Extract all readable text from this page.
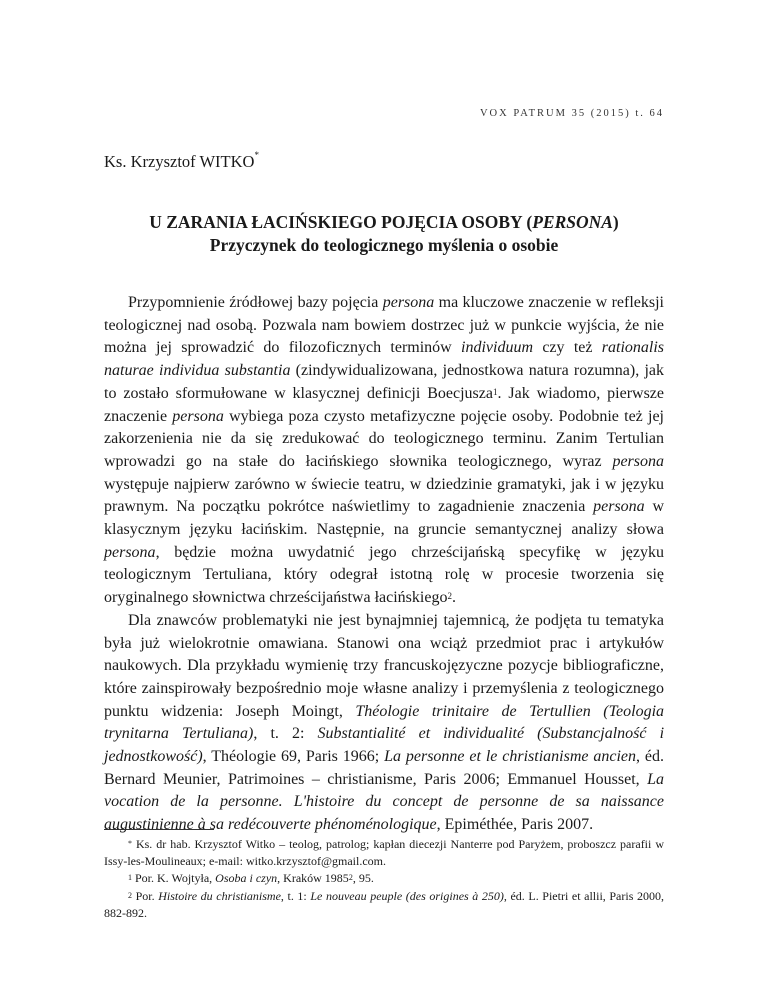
VOX PATRUM 35 (2015) t. 64
Ks. Krzysztof WITKO*
U ZARANIA ŁACIŃSKIEGO POJĘCIA OSOBY (PERSONA)
Przyczynek do teologicznego myślenia o osobie

Przypomnienie źródłowej bazy pojęcia persona ma kluczowe znaczenie w refleksji teologicznej nad osobą. Pozwala nam bowiem dostrzec już w punkcie wyjścia, że nie można jej sprowadzić do filozoficznych terminów individuum czy też rationalis naturae individua substantia (zindywidualizowana, jednostkowa natura rozumna), jak to zostało sformułowane w klasycznej definicji Boecjusza$^1$. Jak wiadomo, pierwsze znaczenie persona wybiega poza czysto metafizyczne pojęcie osoby. Podobnie też jej zakorzenienia nie da się zredukować do teologicznego terminu. Zanim Tertulian wprowadzi go na stałe do łacińskiego słownika teologicznego, wyraz persona występuje najpierw zarówno w świecie teatru, w dziedzinie gramatyki, jak i w języku prawnym. Na początku pokrótce naświetlimy to zagadnienie znaczenia persona w klasycznym języku łacińskim. Następnie, na gruncie semantycznej analizy słowa persona, będzie można uwydatnić jego chrześcijańską specyfikę w języku teologicznym Tertuliana, który odegrał istotną rolę w procesie tworzenia się oryginalnego słownictwa chrześcijaństwa łacińskiego$^2$.

Dla znawców problematyki nie jest bynajmniej tajemnicą, że podjęta tu tematyka była już wielokrotnie omawiana. Stanowi ona wciąż przedmiot prac i artykułów naukowych. Dla przykładu wymienię trzy francuskojęzyczne pozycje bibliograficzne, które zainspirowały bezpośrednio moje własne analizy i przemyślenia z teologicznego punktu widzenia: Joseph Moingt, Théologie trinitaire de Tertullien (Teologia trynitarna Tertuliana), t. 2: Substantialité et individualité (Substancjalność i jednostkowość), Théologie 69, Paris 1966; La personne et le christianisme ancien, éd. Bernard Meunier, Patrimoines – christianisme, Paris 2006; Emmanuel Housset, La vocation de la personne. L'histoire du concept de personne de sa naissance augustinienne à sa redécouverte phénoménologique, Epiméthée, Paris 2007.

* Ks. dr hab. Krzysztof Witko – teolog, patrolog; kapłan diecezji Nanterre pod Paryżem, proboszcz parafii w Issy-les-Moulineaux; e-mail: witko.krzysztof@gmail.com.

$^1$ Por. K. Wojtyła, Osoba i czyn, Kraków 1985$^2$, 95.

$^2$ Por. Histoire du christianisme, t. 1: Le nouveau peuple (des origines à 250), éd. L. Pietri et allii, Paris 2000, 882-892.
